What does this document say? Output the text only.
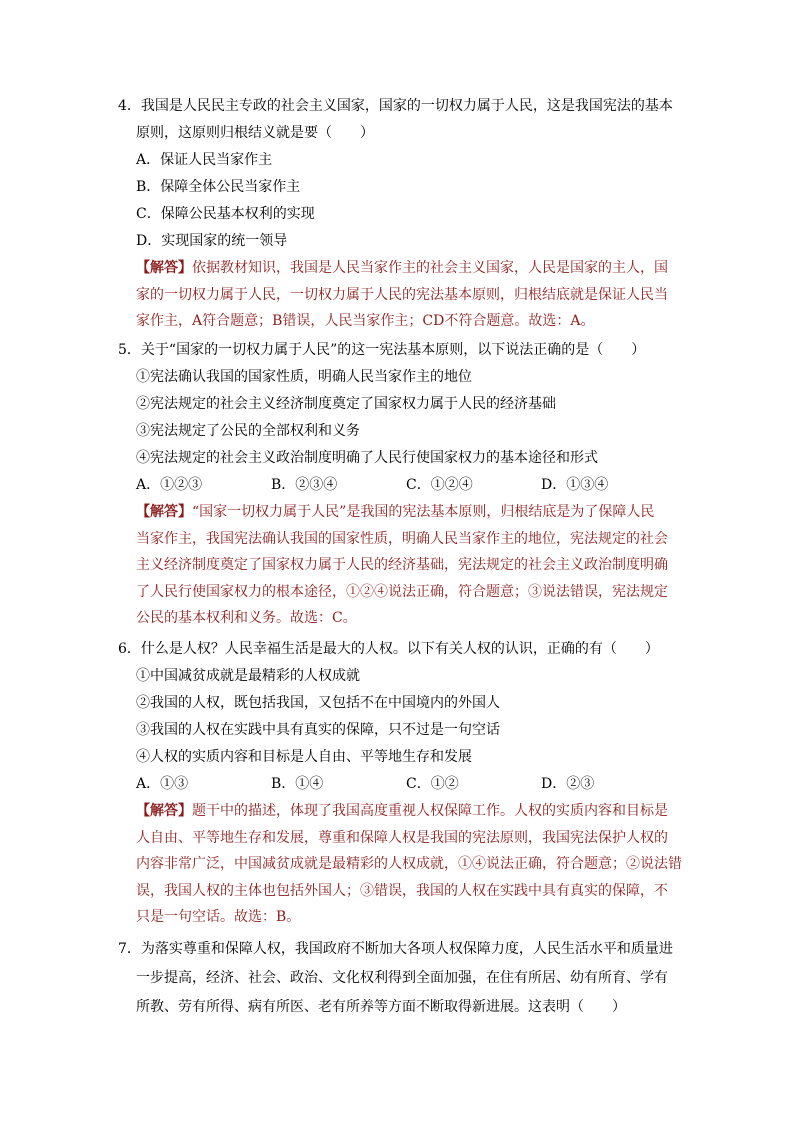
4．我国是人民民主专政的社会主义国家，国家的一切权力属于人民，这是我国宪法的基本
原则，这原则归根结义就是要（　　）
A．保证人民当家作主
B．保障全体公民当家作主
C．保障公民基本权利的实现
D．实现国家的统一领导
【解答】依据教材知识，我国是人民当家作主的社会主义国家，人民是国家的主人，国
家的一切权力属于人民，一切权力属于人民的宪法基本原则，归根结底就是保证人民当
家作主，A符合题意；B错误，人民当家作主；CD不符合题意。故选：A。
5．关于“国家的一切权力属于人民”的这一宪法基本原则，以下说法正确的是（　　）
①宪法确认我国的国家性质，明确人民当家作主的地位
②宪法规定的社会主义经济制度奠定了国家权力属于人民的经济基础
③宪法规定了公民的全部权利和义务
④宪法规定的社会主义政治制度明确了人民行使国家权力的基本途径和形式
A．①②③	B．②③④	C．①②④	D．①③④
【解答】“国家一切权力属于人民”是我国的宪法基本原则，归根结底是为了保障人民
当家作主，我国宪法确认我国的国家性质，明确人民当家作主的地位，宪法规定的社会
主义经济制度奠定了国家权力属于人民的经济基础，宪法规定的社会主义政治制度明确
了人民行使国家权力的根本途径，①②④说法正确，符合题意；③说法错误，宪法规定
公民的基本权利和义务。故选：C。
6．什么是人权？人民幸福生活是最大的人权。以下有关人权的认识，正确的有（　　）
①中国减贫成就是最精彩的人权成就
②我国的人权，既包括我国，又包括不在中国境内的外国人
③我国的人权在实践中具有真实的保障，只不过是一句空话
④人权的实质内容和目标是人自由、平等地生存和发展
A．①③	B．①④	C．①②	D．②③
【解答】题干中的描述，体现了我国高度重视人权保障工作。人权的实质内容和目标是
人自由、平等地生存和发展，尊重和保障人权是我国的宪法原则，我国宪法保护人权的
内容非常广泛，中国减贫成就是最精彩的人权成就，①④说法正确，符合题意；②说法错
误，我国人权的主体也包括外国人；③错误，我国的人权在实践中具有真实的保障，不
只是一句空话。故选：B。
7．为落实尊重和保障人权，我国政府不断加大各项人权保障力度，人民生活水平和质量进
一步提高，经济、社会、政治、文化权利得到全面加强，在住有所居、幼有所育、学有
所教、劳有所得、病有所医、老有所养等方面不断取得新进展。这表明（　　）
